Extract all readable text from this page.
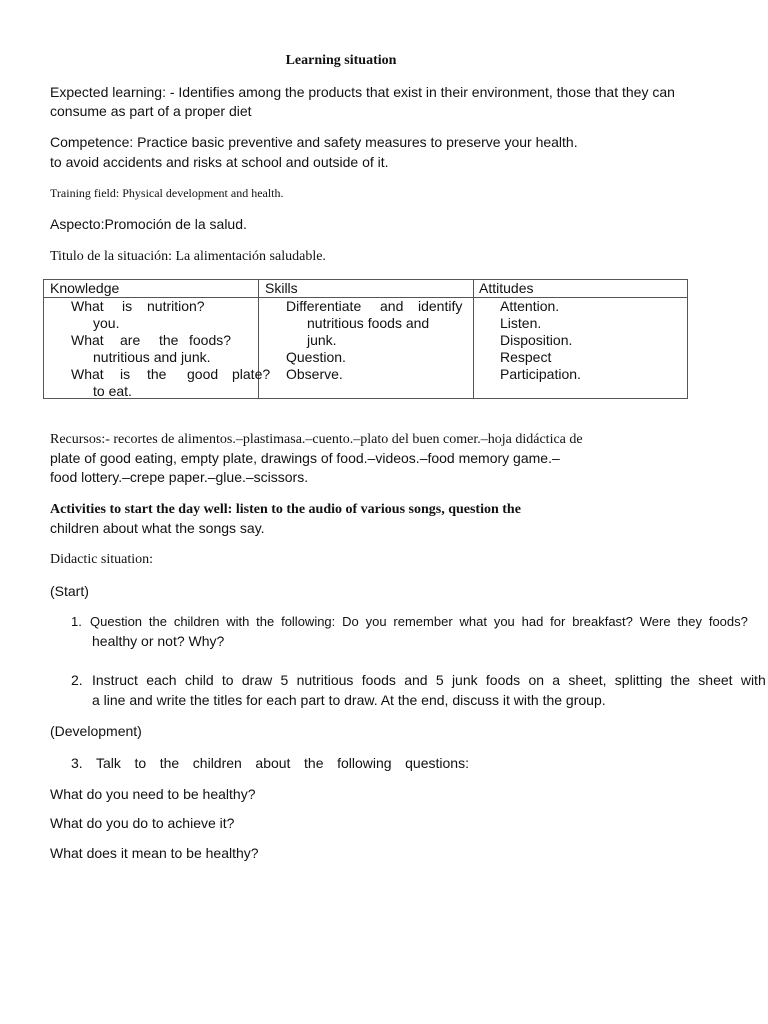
Learning situation
Expected learning: - Identifies among the products that exist in their environment, those that they can
consume as part of a proper diet
Competence: Practice basic preventive and safety measures to preserve your health.
to avoid accidents and risks at school and outside of it.
Training field: Physical development and health.
Aspecto:Promoción de la salud.
Titulo de la situación: La alimentación saludable.
Knowledge	Skills	Attitudes
What is nutrition?
you.
What are the foods?
nutritious and junk.
What is the good plate?
to eat.
Differentiate and identify
nutritious foods and
junk.
Question.
Observe.
Attention.
Listen.
Disposition.
Respect
Participation.
Recursos:- recortes de alimentos.–plastimasa.–cuento.–plato del buen comer.–hoja didáctica de
plate of good eating, empty plate, drawings of food.–videos.–food memory game.–
food lottery.–crepe paper.–glue.–scissors.
Activities to start the day well: listen to the audio of various songs, question the
children about what the songs say.
Didactic situation:
(Start)
1. Question the children with the following: Do you remember what you had for breakfast? Were they foods?
healthy or not? Why?
2. Instruct each child to draw 5 nutritious foods and 5 junk foods on a sheet, splitting the sheet with
a line and write the titles for each part to draw. At the end, discuss it with the group.
(Development)
3. Talk to the children about the following questions:
What do you need to be healthy?
What do you do to achieve it?
What does it mean to be healthy?
